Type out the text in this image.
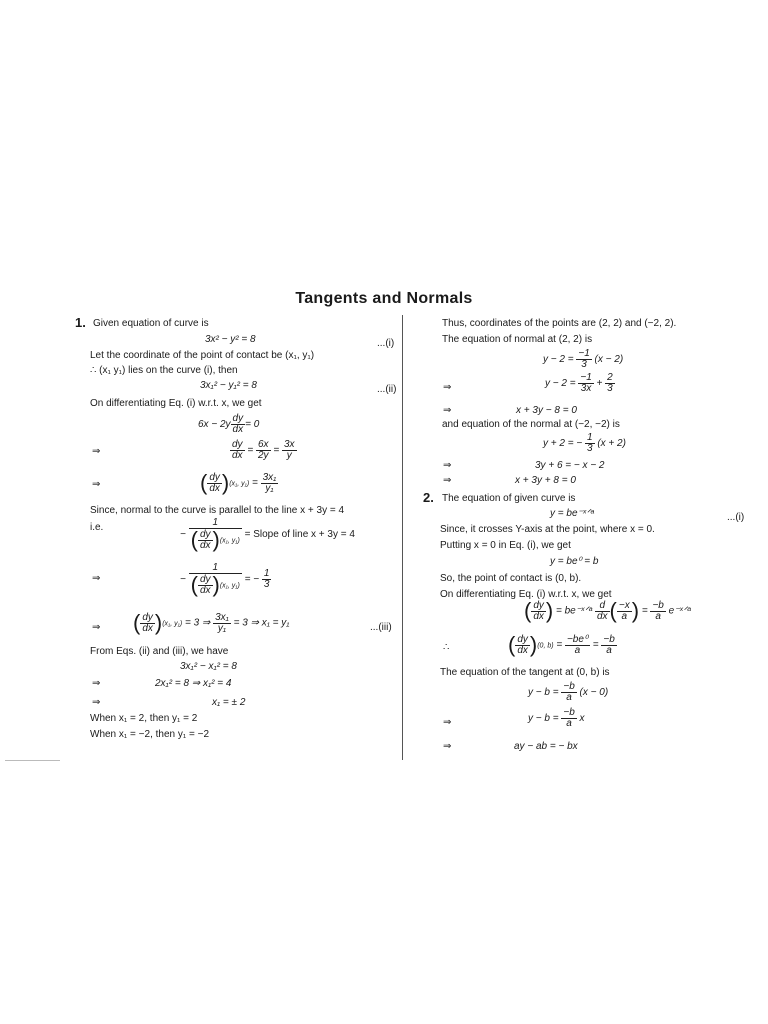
Tangents and Normals
1. Given equation of curve is
3x² − y² = 8	...(i)
Let the coordinate of the point of contact be (x₁, y₁)
∴ (x₁ y₁) lies on the curve (i), then
3x₁² − y₁² = 8	...(ii)
On differentiating Eq. (i) w.r.t. x, we get
$6x - 2y \frac{dy}{dx} = 0$
⇒	$\frac{dy}{dx} = \frac{6x}{2y} = \frac{3x}{y}$
⇒	( $\frac{dy}{dx} )(x_1$, $y_1) = \frac{\text{3x₁}}{\text{y₁}}$
Since, normal to the curve is parallel to the line x + 3y = 4
i.e.
− $\frac{1}{( \frac{dy}{dx} )(x_1, y_1)}$ = Slope of line x + 3y = 4
⇒	− $\frac{1}{( \frac{dy}{dx} )(x_1, y_1)}$ = − $\frac{1}{3}$
⇒ ( $\frac{dy}{dx} )(x_1$, y₁) = 3 ⇒ $\frac{\text{3x₁}}{\text{y₁}} = 3$ ⇒ x₁ = y₁	...(iii)
From Eqs. (ii) and (iii), we have
3x₁² − x₁² = 8
⇒	2x₁² = 8 ⇒ x₁² = 4
⇒	x₁ = ± 2
When x₁ = 2, then y₁ = 2
When x₁ = −2, then y₁ = −2
Thus, coordinates of the points are (2, 2) and (−2, 2).
The equation of normal at (2, 2) is
$y - 2 = \frac{-1}{3} (x - 2)$
⇒	$y - 2 = \frac{-1}{3x} + \frac{2}{3}$
⇒	x + 3y − 8 = 0
and equation of the normal at (−2, −2) is
y + 2 = − $\frac{1}{3} (x + 2)$
⇒	3y + 6 = − x − 2
⇒	x + 3y + 8 = 0
2. The equation of given curve is
y = be⁻ˣᐟᵃ	...(i)
Since, it crosses Y-axis at the point, where x = 0.
Putting x = 0 in Eq. (i), we get
y = be⁰ = b
So, the point of contact is (0, b).
On differentiating Eq. (i) w.r.t. x, we get
( $\frac{dy}{dx}$ ) = be⁻ˣᐟᵃ $\frac{d}{dx}$ ( $\frac{-x}{a}$ ) = $\frac{-b}{a}$ e⁻ˣᐟᵃ
∴	( $\frac{dy}{dx} )(0$, $b) = \frac{\text{−be⁰}}{a} = \frac{-b}{a}$
The equation of the tangent at (0, b) is
$y - b = \frac{-b}{a} (x - 0)$
⇒	$y - b = \frac{-b}{a}$ x
⇒	ay − ab = − bx
